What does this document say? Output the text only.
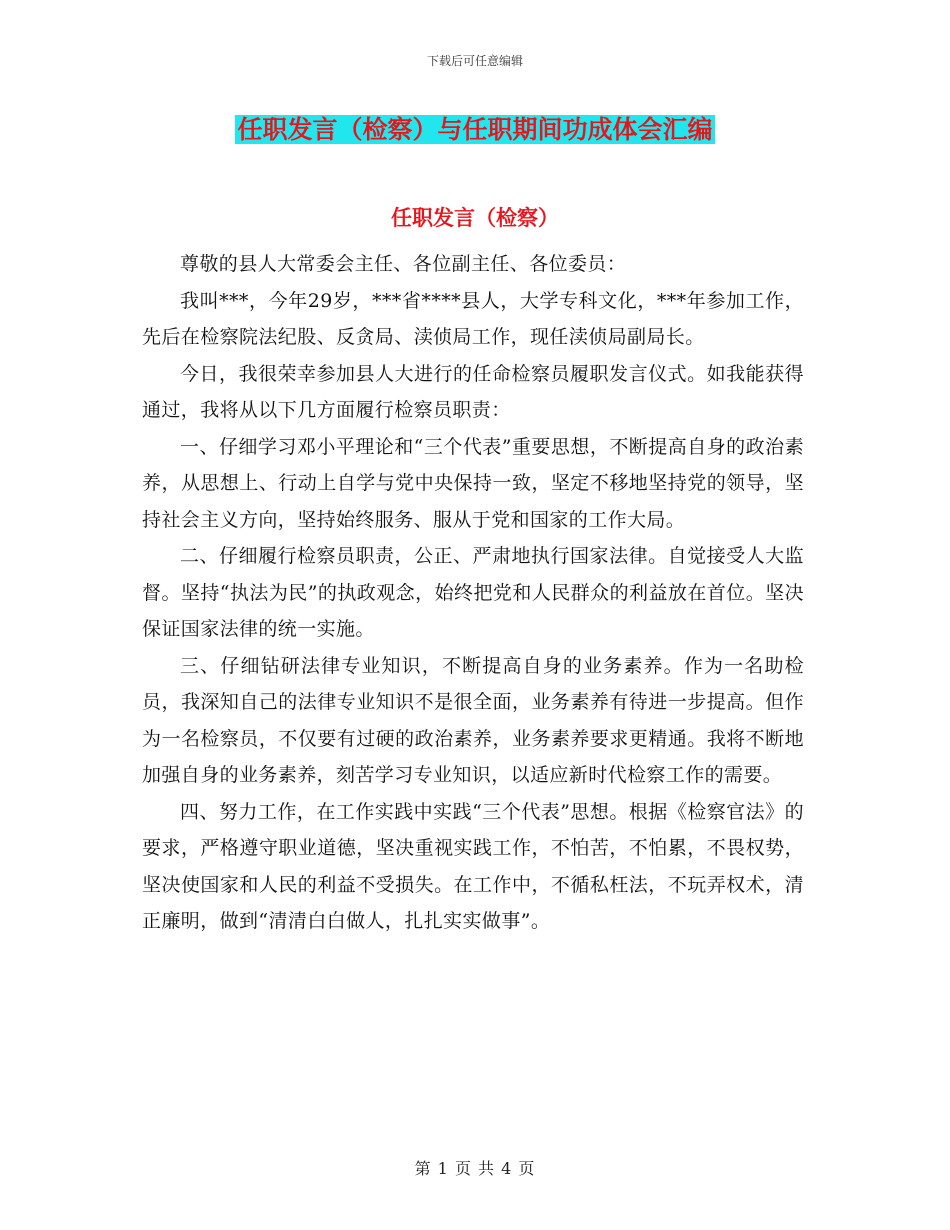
下载后可任意编辑
任职发言（检察）与任职期间功成体会汇编
任职发言（检察）

尊敬的县人大常委会主任、各位副主任、各位委员：

我叫***，今年29岁，***省****县人，大学专科文化，***年参加工作，先后在检察院法纪股、反贪局、渎侦局工作，现任渎侦局副局长。

今日，我很荣幸参加县人大进行的任命检察员履职发言仪式。如我能获得通过，我将从以下几方面履行检察员职责：

一、仔细学习邓小平理论和“三个代表”重要思想，不断提高自身的政治素养，从思想上、行动上自学与党中央保持一致，坚定不移地坚持党的领导，坚持社会主义方向，坚持始终服务、服从于党和国家的工作大局。

二、仔细履行检察员职责，公正、严肃地执行国家法律。自觉接受人大监督。坚持“执法为民”的执政观念，始终把党和人民群众的利益放在首位。坚决保证国家法律的统一实施。

三、仔细钻研法律专业知识，不断提高自身的业务素养。作为一名助检员，我深知自己的法律专业知识不是很全面，业务素养有待进一步提高。但作为一名检察员，不仅要有过硬的政治素养，业务素养要求更精通。我将不断地加强自身的业务素养，刻苦学习专业知识，以适应新时代检察工作的需要。

四、努力工作，在工作实践中实践“三个代表”思想。根据《检察官法》的要求，严格遵守职业道德，坚决重视实践工作，不怕苦，不怕累，不畏权势，坚决使国家和人民的利益不受损失。在工作中，不循私枉法，不玩弄权术，清正廉明，做到“清清白白做人，扎扎实实做事”。

第 1 页 共 4 页
